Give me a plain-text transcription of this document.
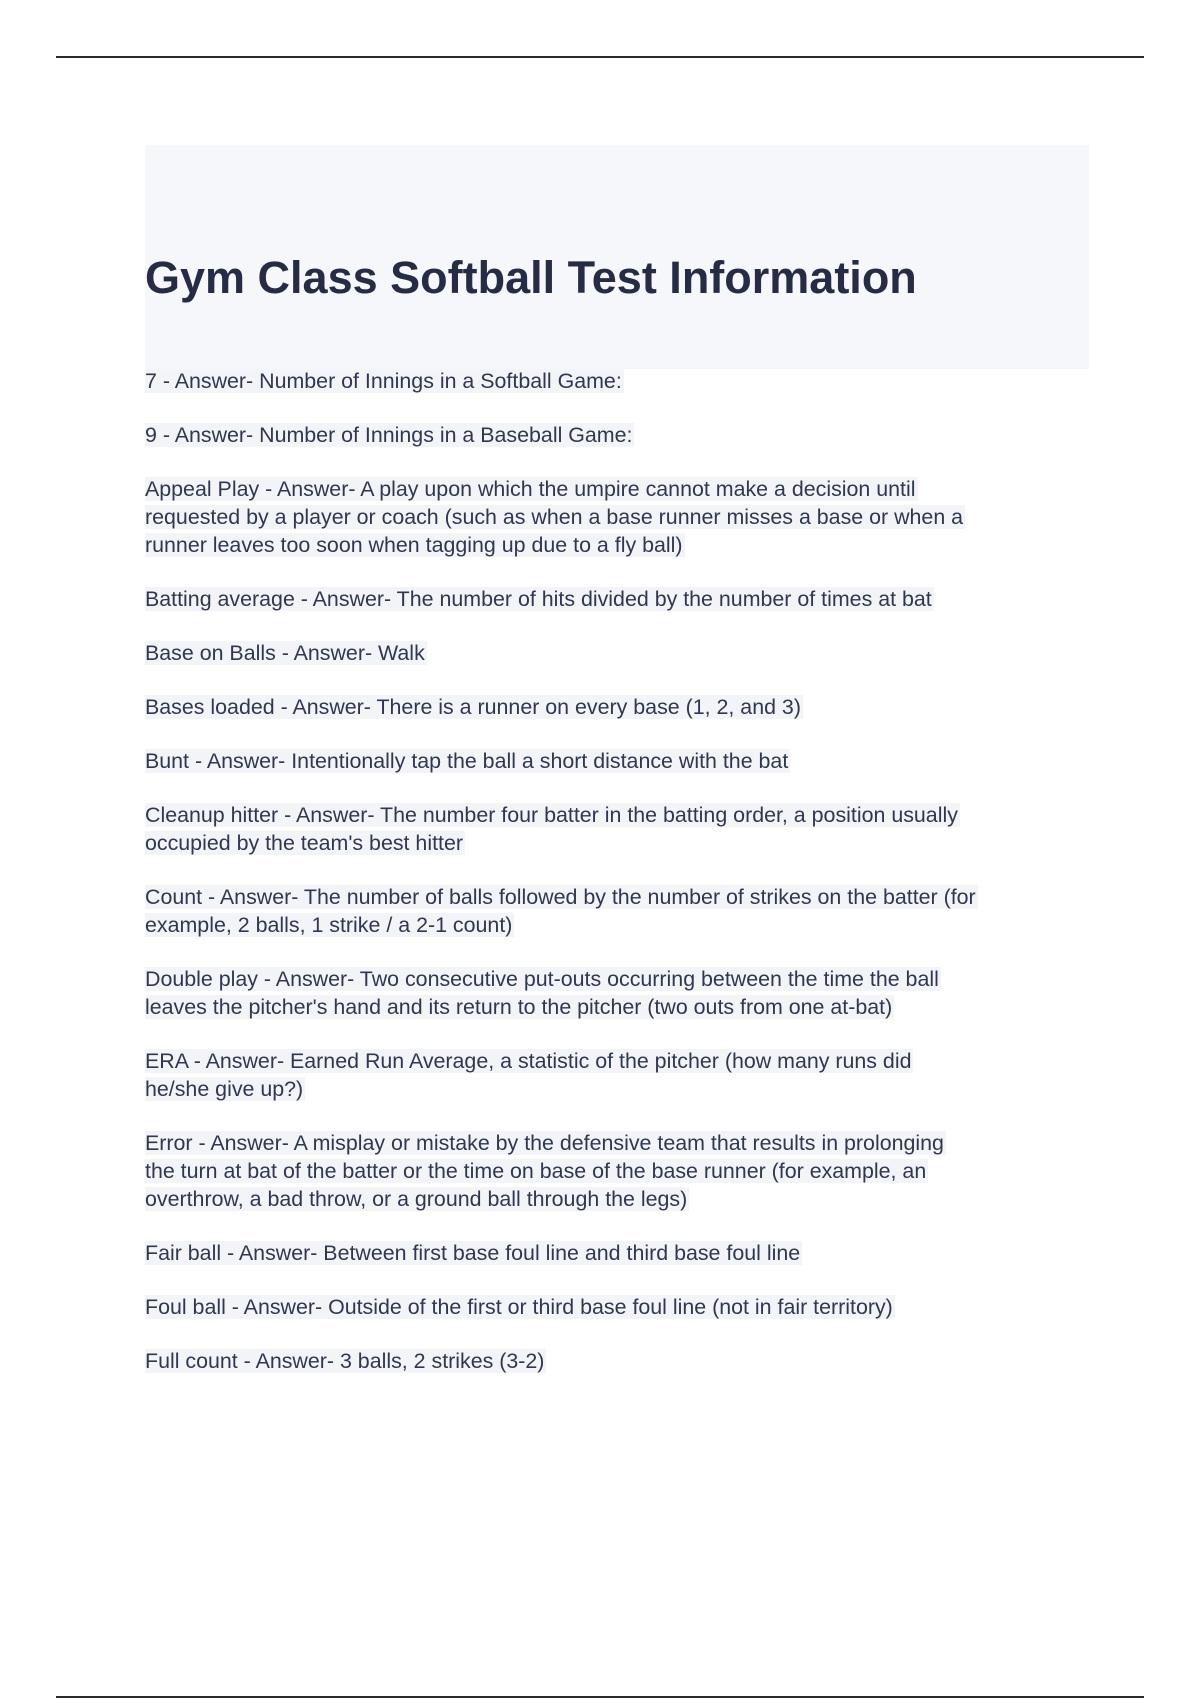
Gym Class Softball Test Information

7 - Answer- Number of Innings in a Softball Game:

9 - Answer- Number of Innings in a Baseball Game:

Appeal Play - Answer- A play upon which the umpire cannot make a decision until
requested by a player or coach (such as when a base runner misses a base or when a
runner leaves too soon when tagging up due to a fly ball)

Batting average - Answer- The number of hits divided by the number of times at bat

Base on Balls - Answer- Walk

Bases loaded - Answer- There is a runner on every base (1, 2, and 3)

Bunt - Answer- Intentionally tap the ball a short distance with the bat

Cleanup hitter - Answer- The number four batter in the batting order, a position usually
occupied by the team's best hitter

Count - Answer- The number of balls followed by the number of strikes on the batter (for
example, 2 balls, 1 strike / a 2-1 count)

Double play - Answer- Two consecutive put-outs occurring between the time the ball
leaves the pitcher's hand and its return to the pitcher (two outs from one at-bat)

ERA - Answer- Earned Run Average, a statistic of the pitcher (how many runs did
he/she give up?)

Error - Answer- A misplay or mistake by the defensive team that results in prolonging
the turn at bat of the batter or the time on base of the base runner (for example, an
overthrow, a bad throw, or a ground ball through the legs)

Fair ball - Answer- Between first base foul line and third base foul line

Foul ball - Answer- Outside of the first or third base foul line (not in fair territory)

Full count - Answer- 3 balls, 2 strikes (3-2)
